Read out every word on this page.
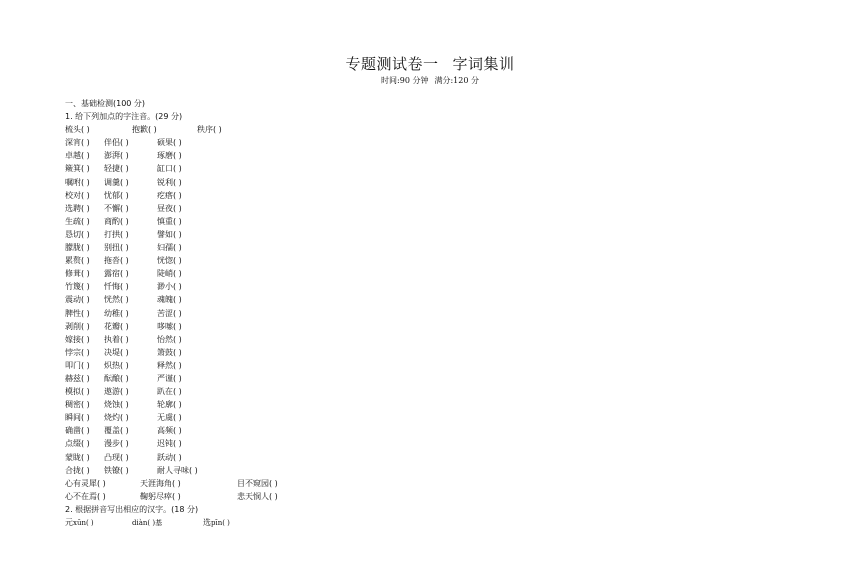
专题测试卷一 字词集训
时间:90 分钟 满分:120 分
一、基础检测(100 分)
1. 给下列加点的字注音。(29 分)
梳头( )	抱歉( )	秩序( )
深宵( ) 伴侣( )	硕果( )
卓越( ) 澎湃( )	琢磨( )
簸箕( ) 轻捷( )	缸口( )
嘱咐( ) 调羹( )	锐利( )
校对( ) 忧郁( )	疙瘩( )
选聘( ) 不懈( )	昼夜( )
生疏( ) 商酌( )	慎重( )
恳切( ) 打拱( )	譬如( )
朦胧( ) 别扭( )	妇孺( )
累赘( ) 拖沓( )	恍惚( )
修葺( ) 露宿( )	陡峭( )
竹篾( ) 忏悔( )	渺小( )
震动( ) 恍然( )	魂魄( )
脾性( ) 幼稚( )	苦涩( )
剥削( ) 花瓣( )	哆嗦( )
嫁接( ) 执着( )	怡然( )
悖宗( ) 决堤( )	箫鼓( )
叩门( ) 炽热( )	释然( )
赫兹( ) 酝酿( )	严谨( )
模拟( ) 遨游( )	趴在( )
稠密( ) 烧蚀( )	轮廓( )
瞬间( ) 烧灼( )	无虞( )
确凿( ) 覆盖( )	高频( )
点缀( ) 漫步( )	迟钝( )
蒙眬( ) 凸现( )	跃动( )
合拢( ) 铁镣( )	耐人寻味( )
心有灵犀( )	天涯海角( )	目不窥园( )
心不在焉( )	鞠躬尽瘁( )	悲天悯人( )
2. 根据拼音写出相应的汉字。(18 分)
元xūn( )	diàn( )基	选pīn( )
